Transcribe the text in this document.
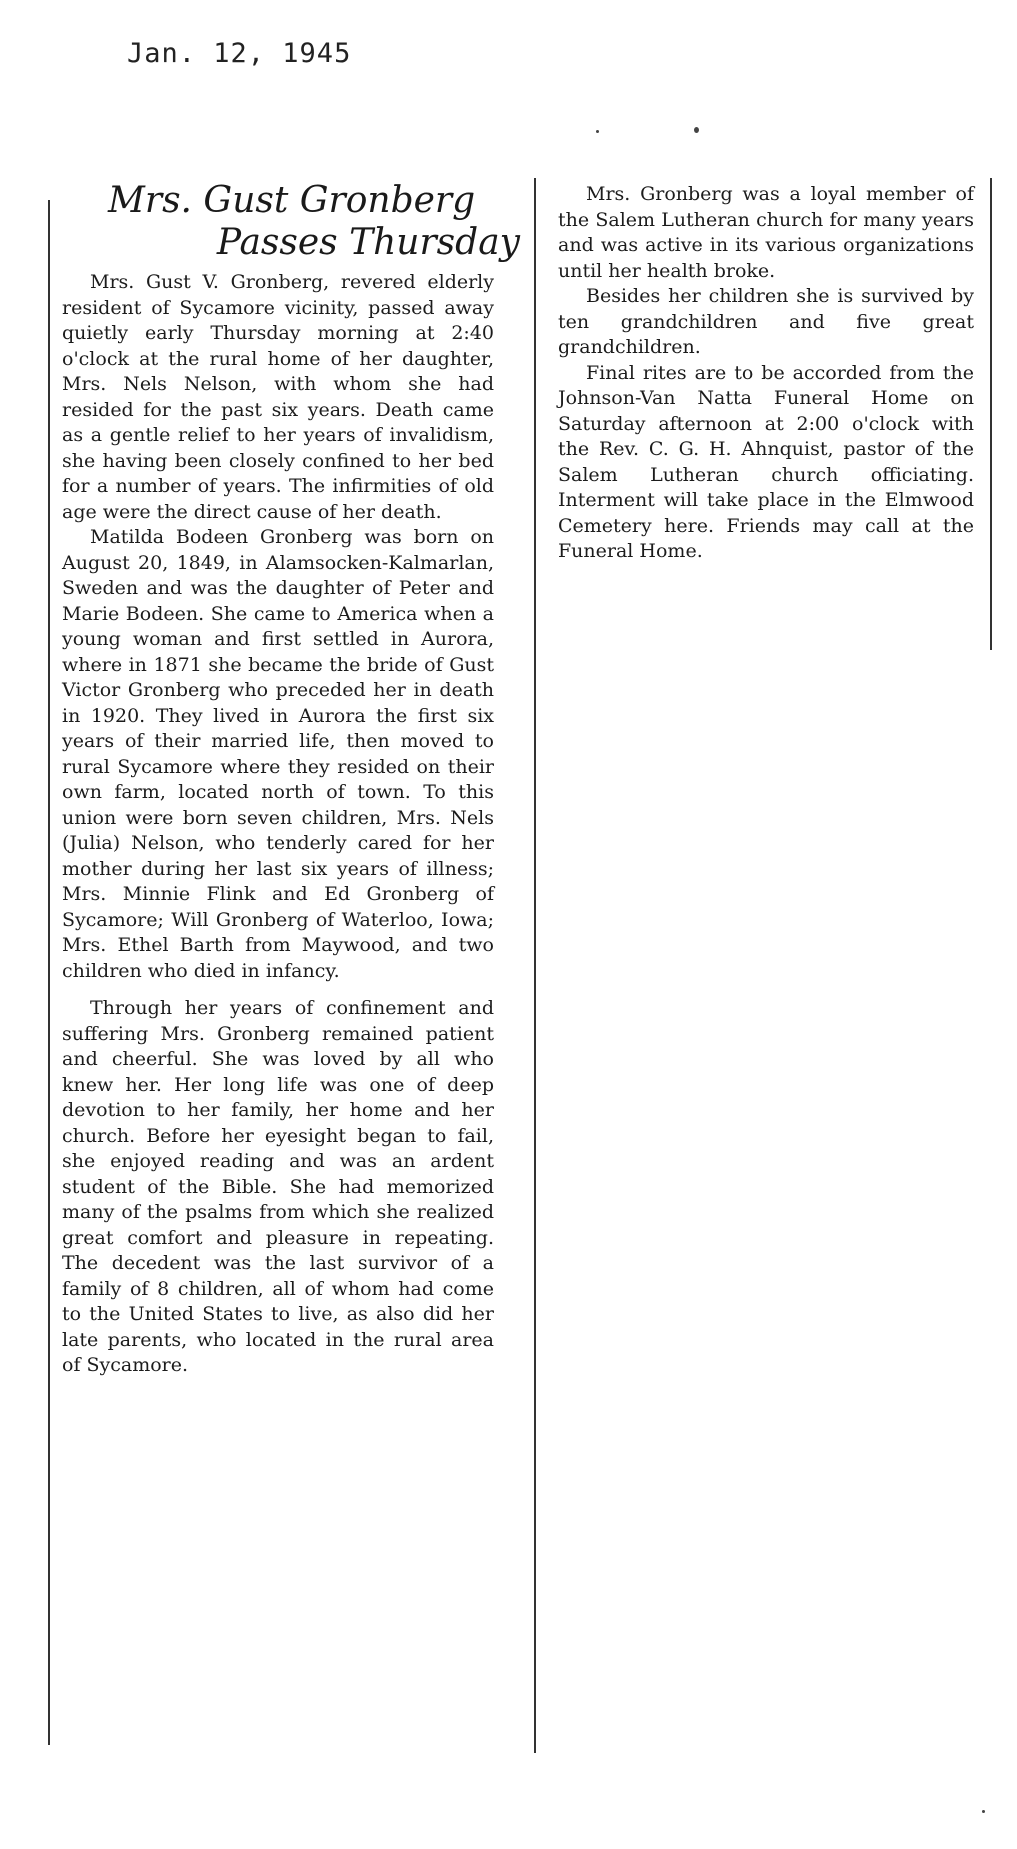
Jan. 12, 1945
Mrs. Gust Gronberg
Passes Thursday

Mrs. Gust V. Gronberg, revered elderly resident of Sycamore vicinity, passed away quietly early Thursday morning at 2:40 o'clock at the rural home of her daughter, Mrs. Nels Nelson, with whom she had resided for the past six years. Death came as a gentle relief to her years of invalidism, she having been closely confined to her bed for a number of years. The infirmities of old age were the direct cause of her death.

Matilda Bodeen Gronberg was born on August 20, 1849, in Alamsocken-Kalmarlan, Sweden and was the daughter of Peter and Marie Bodeen. She came to America when a young woman and first settled in Aurora, where in 1871 she became the bride of Gust Victor Gronberg who preceded her in death in 1920. They lived in Aurora the first six years of their married life, then moved to rural Sycamore where they resided on their own farm, located north of town. To this union were born seven children, Mrs. Nels (Julia) Nelson, who tenderly cared for her mother during her last six years of illness; Mrs. Minnie Flink and Ed Gronberg of Sycamore; Will Gronberg of Waterloo, Iowa; Mrs. Ethel Barth from Maywood, and two children who died in infancy.

Through her years of confinement and suffering Mrs. Gronberg remained patient and cheerful. She was loved by all who knew her. Her long life was one of deep devotion to her family, her home and her church. Before her eyesight began to fail, she enjoyed reading and was an ardent student of the Bible. She had memorized many of the psalms from which she realized great comfort and pleasure in repeating. The decedent was the last survivor of a family of 8 children, all of whom had come to the United States to live, as also did her late parents, who located in the rural area of Sycamore.

Mrs. Gronberg was a loyal member of the Salem Lutheran church for many years and was active in its various organizations until her health broke.

Besides her children she is survived by ten grandchildren and five great grandchildren.

Final rites are to be accorded from the Johnson-Van Natta Funeral Home on Saturday afternoon at 2:00 o'clock with the Rev. C. G. H. Ahnquist, pastor of the Salem Lutheran church officiating. Interment will take place in the Elmwood Cemetery here. Friends may call at the Funeral Home.
